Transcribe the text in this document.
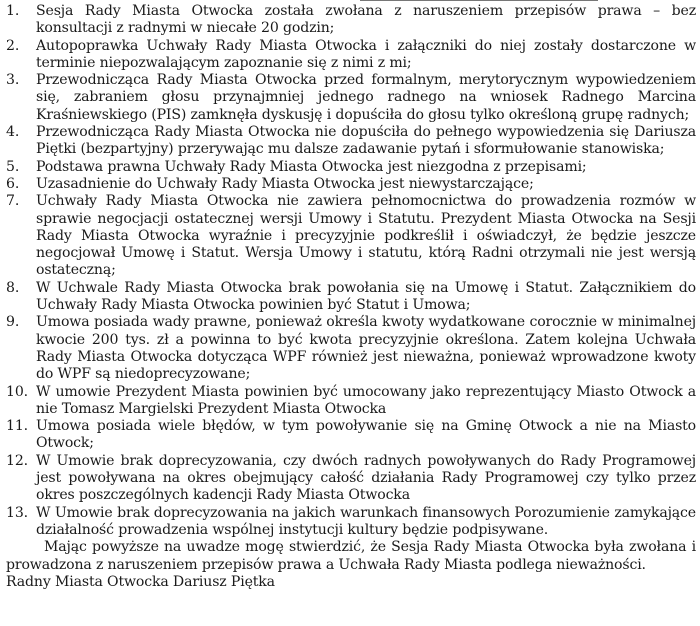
1. Sesja Rady Miasta Otwocka została zwołana z naruszeniem przepisów prawa – bez konsultacji z radnymi w niecałe 20 godzin;
2. Autopoprawka Uchwały Rady Miasta Otwocka i załączniki do niej zostały dostarczone w terminie niepozwalającym zapoznanie się z nimi z mi;
3. Przewodnicząca Rady Miasta Otwocka przed formalnym, merytorycznym wypowiedzeniem się, zabraniem głosu przynajmniej jednego radnego na wniosek Radnego Marcina Kraśniewskiego (PIS) zamknęła dyskusję i dopuściła do głosu tylko określoną grupę radnych;
4. Przewodnicząca Rady Miasta Otwocka nie dopuściła do pełnego wypowiedzenia się Dariusza Piętki (bezpartyjny) przerywając mu dalsze zadawanie pytań i sformułowanie stanowiska;
5. Podstawa prawna Uchwały Rady Miasta Otwocka jest niezgodna z przepisami;
6. Uzasadnienie do Uchwały Rady Miasta Otwocka jest niewystarczające;
7. Uchwały Rady Miasta Otwocka nie zawiera pełnomocnictwa do prowadzenia rozmów w sprawie negocjacji ostatecznej wersji Umowy i Statutu. Prezydent Miasta Otwocka na Sesji Rady Miasta Otwocka wyraźnie i precyzyjnie podkreślił i oświadczył, że będzie jeszcze negocjował Umowę i Statut. Wersja Umowy i statutu, którą Radni otrzymali nie jest wersją ostateczną;
8. W Uchwale Rady Miasta Otwocka brak powołania się na Umowę i Statut. Załącznikiem do Uchwały Rady Miasta Otwocka powinien być Statut i Umowa;
9. Umowa posiada wady prawne, ponieważ określa kwoty wydatkowane corocznie w minimalnej kwocie 200 tys. zł a powinna to być kwota precyzyjnie określona. Zatem kolejna Uchwała Rady Miasta Otwocka dotycząca WPF również jest nieważna, ponieważ wprowadzone kwoty do WPF są niedoprecyzowane;
10. W umowie Prezydent Miasta powinien być umocowany jako reprezentujący Miasto Otwock a nie Tomasz Margielski Prezydent Miasta Otwocka
11. Umowa posiada wiele błędów, w tym powoływanie się na Gminę Otwock a nie na Miasto Otwock;
12. W Umowie brak doprecyzowania, czy dwóch radnych powoływanych do Rady Programowej jest powoływana na okres obejmujący całość działania Rady Programowej czy tylko przez okres poszczególnych kadencji Rady Miasta Otwocka
13. W Umowie brak doprecyzowania na jakich warunkach finansowych Porozumienie zamykające działalność prowadzenia wspólnej instytucji kultury będzie podpisywane.

Mając powyższe na uwadze mogę stwierdzić, że Sesja Rady Miasta Otwocka była zwołana i prowadzona z naruszeniem przepisów prawa a Uchwała Rady Miasta podlega nieważności.

Radny Miasta Otwocka Dariusz Piętka
